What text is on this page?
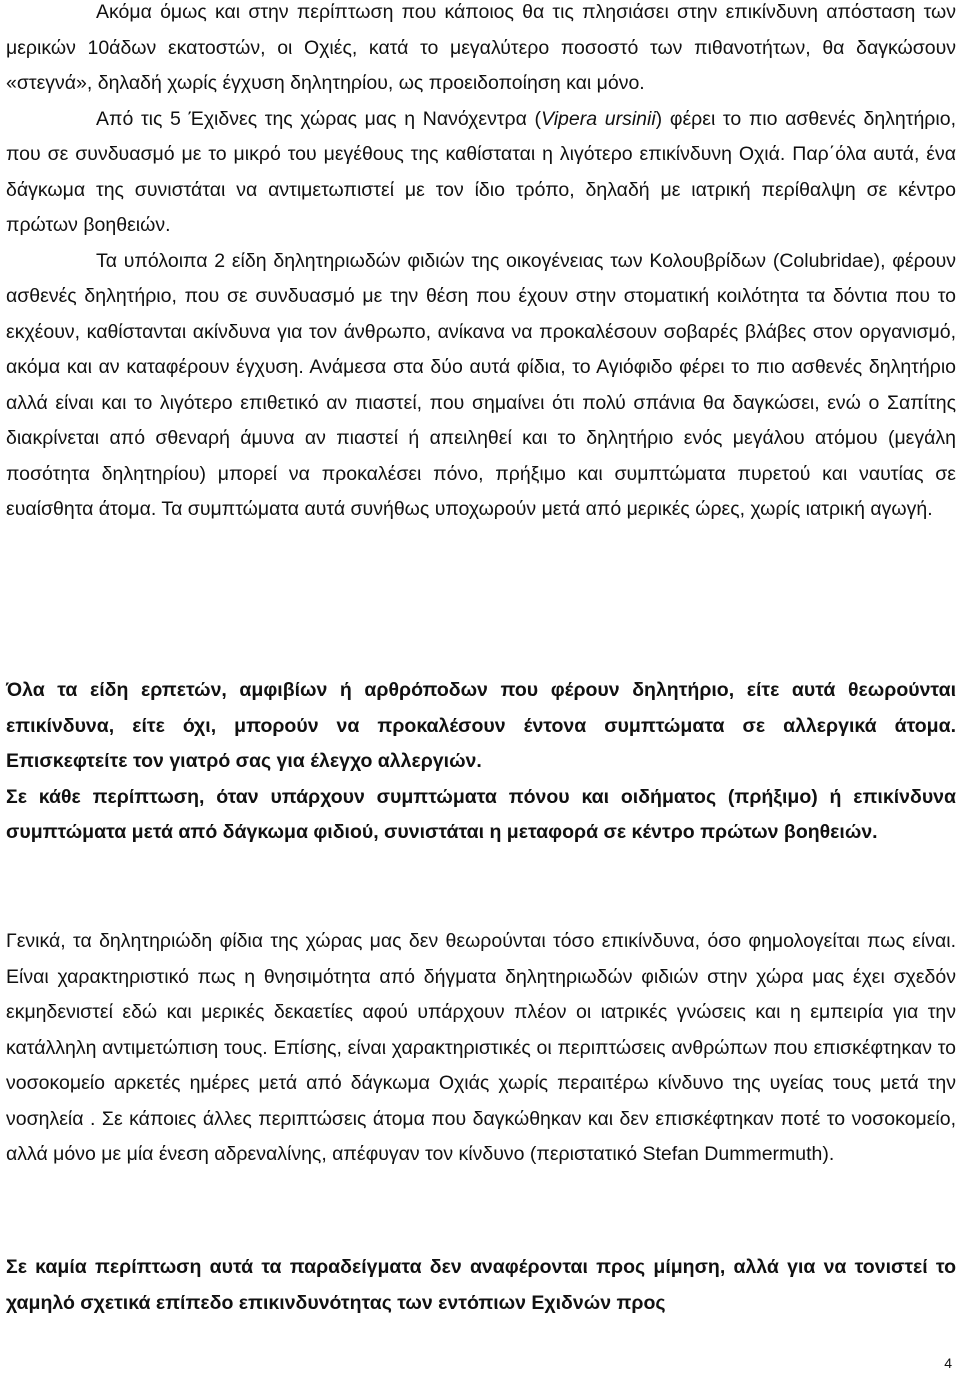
Ακόμα όμως και στην περίπτωση που κάποιος θα τις πλησιάσει στην επικίνδυνη απόσταση των μερικών 10άδων εκατοστών, οι Οχιές, κατά το μεγαλύτερο ποσοστό των πιθανοτήτων, θα δαγκώσουν «στεγνά», δηλαδή χωρίς έγχυση δηλητηρίου, ως προειδοποίηση και μόνο.
Από τις 5 Έχιδνες της χώρας μας η Νανόχεντρα (Vipera ursinii) φέρει το πιο ασθενές δηλητήριο, που σε συνδυασμό με το μικρό του μεγέθους της καθίσταται η λιγότερο επικίνδυνη Οχιά. Παρ΄όλα αυτά, ένα δάγκωμα της συνιστάται να αντιμετωπιστεί με τον ίδιο τρόπο, δηλαδή με ιατρική περίθαλψη σε κέντρο πρώτων βοηθειών.
Τα υπόλοιπα 2 είδη δηλητηριωδών φιδιών της οικογένειας των Κολουβρίδων (Colubridae), φέρουν ασθενές δηλητήριο, που σε συνδυασμό με την θέση που έχουν στην στοματική κοιλότητα τα δόντια που το εκχέουν, καθίστανται ακίνδυνα για τον άνθρωπο, ανίκανα να προκαλέσουν σοβαρές βλάβες στον οργανισμό, ακόμα και αν καταφέρουν έγχυση. Ανάμεσα στα δύο αυτά φίδια, το Αγιόφιδο φέρει το πιο ασθενές δηλητήριο αλλά είναι και το λιγότερο επιθετικό αν πιαστεί, που σημαίνει ότι πολύ σπάνια θα δαγκώσει, ενώ ο Σαπίτης διακρίνεται από σθεναρή άμυνα αν πιαστεί ή απειληθεί και το δηλητήριο ενός μεγάλου ατόμου (μεγάλη ποσότητα δηλητηρίου) μπορεί να προκαλέσει πόνο, πρήξιμο και συμπτώματα πυρετού και ναυτίας σε ευαίσθητα άτομα. Τα συμπτώματα αυτά συνήθως υποχωρούν μετά από μερικές ώρες, χωρίς ιατρική αγωγή.

Όλα τα είδη ερπετών, αμφιβίων ή αρθρόποδων που φέρουν δηλητήριο, είτε αυτά θεωρούνται επικίνδυνα, είτε όχι, μπορούν να προκαλέσουν έντονα συμπτώματα σε αλλεργικά άτομα. Επισκεφτείτε τον γιατρό σας για έλεγχο αλλεργιών.
Σε κάθε περίπτωση, όταν υπάρχουν συμπτώματα πόνου και οιδήματος (πρήξιμο) ή επικίνδυνα συμπτώματα μετά από δάγκωμα φιδιού, συνιστάται η μεταφορά σε κέντρο πρώτων βοηθειών.

Γενικά, τα δηλητηριώδη φίδια της χώρας μας δεν θεωρούνται τόσο επικίνδυνα, όσο φημολογείται πως είναι. Είναι χαρακτηριστικό πως η θνησιμότητα από δήγματα δηλητηριωδών φιδιών στην χώρα μας έχει σχεδόν εκμηδενιστεί εδώ και μερικές δεκαετίες αφού υπάρχουν πλέον οι ιατρικές γνώσεις και η εμπειρία για την κατάλληλη αντιμετώπιση τους. Επίσης, είναι χαρακτηριστικές οι περιπτώσεις ανθρώπων που επισκέφτηκαν το νοσοκομείο αρκετές ημέρες μετά από δάγκωμα Οχιάς χωρίς περαιτέρω κίνδυνο της υγείας τους μετά την νοσηλεία . Σε κάποιες άλλες περιπτώσεις άτομα που δαγκώθηκαν και δεν επισκέφτηκαν ποτέ το νοσοκομείο, αλλά μόνο με μία ένεση αδρεναλίνης, απέφυγαν τον κίνδυνο (περιστατικό Stefan Dummermuth).

Σε καμία περίπτωση αυτά τα παραδείγματα δεν αναφέρονται προς μίμηση, αλλά για να τονιστεί το χαμηλό σχετικά επίπεδο επικινδυνότητας των εντόπιων Εχιδνών προς

4
